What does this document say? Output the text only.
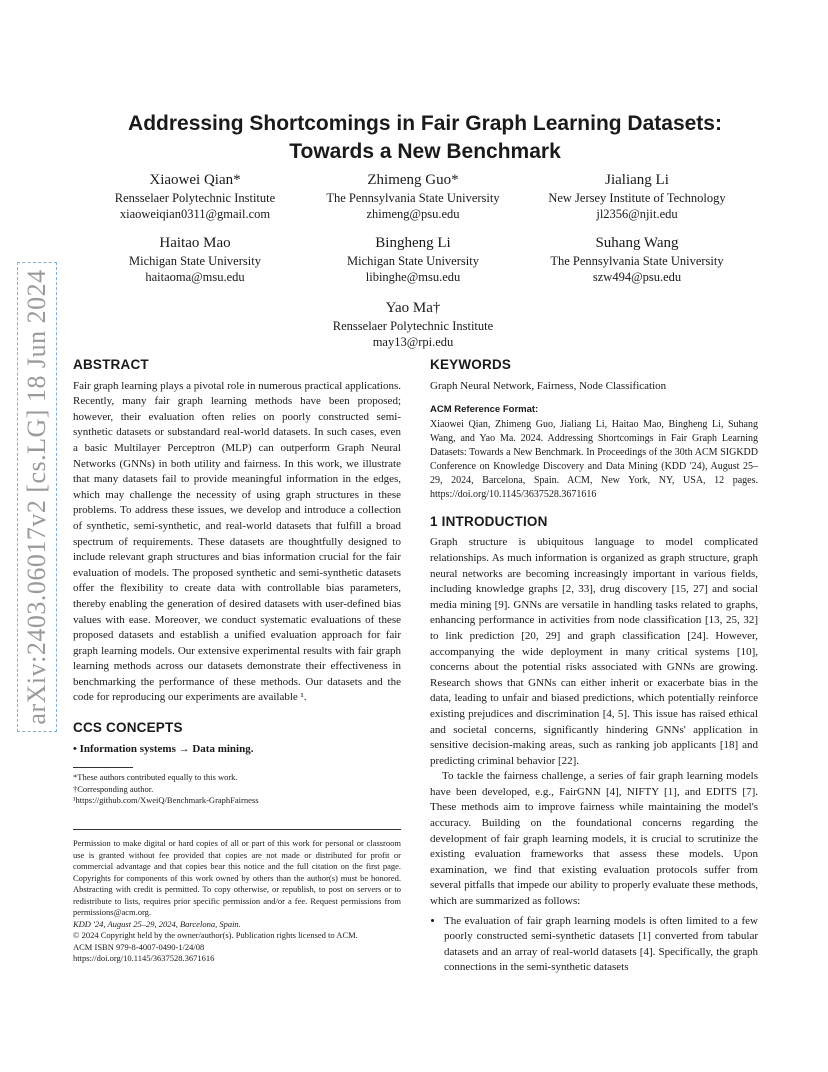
arXiv:2403.06017v2 [cs.LG] 18 Jun 2024
Addressing Shortcomings in Fair Graph Learning Datasets:
Towards a New Benchmark
Xiaowei Qian*
Rensselaer Polytechnic Institute
xiaoweiqian0311@gmail.com
Zhimeng Guo*
The Pennsylvania State University
zhimeng@psu.edu
Jialiang Li
New Jersey Institute of Technology
jl2356@njit.edu
Haitao Mao
Michigan State University
haitaoma@msu.edu
Bingheng Li
Michigan State University
libinghe@msu.edu
Suhang Wang
The Pennsylvania State University
szw494@psu.edu
Yao Ma†
Rensselaer Polytechnic Institute
may13@rpi.edu
ABSTRACT

Fair graph learning plays a pivotal role in numerous practical applications. Recently, many fair graph learning methods have been proposed; however, their evaluation often relies on poorly constructed semi-synthetic datasets or substandard real-world datasets. In such cases, even a basic Multilayer Perceptron (MLP) can outperform Graph Neural Networks (GNNs) in both utility and fairness. In this work, we illustrate that many datasets fail to provide meaningful information in the edges, which may challenge the necessity of using graph structures in these problems. To address these issues, we develop and introduce a collection of synthetic, semi-synthetic, and real-world datasets that fulfill a broad spectrum of requirements. These datasets are thoughtfully designed to include relevant graph structures and bias information crucial for the fair evaluation of models. The proposed synthetic and semi-synthetic datasets offer the flexibility to create data with controllable bias parameters, thereby enabling the generation of desired datasets with user-defined bias values with ease. Moreover, we conduct systematic evaluations of these proposed datasets and establish a unified evaluation approach for fair graph learning models. Our extensive experimental results with fair graph learning methods across our datasets demonstrate their effectiveness in benchmarking the performance of these methods. Our datasets and the code for reproducing our experiments are available ¹.

CCS CONCEPTS

• Information systems → Data mining.

*These authors contributed equally to this work.
†Corresponding author.
¹https://github.com/XweiQ/Benchmark-GraphFairness
Permission to make digital or hard copies of all or part of this work for personal or classroom use is granted without fee provided that copies are not made or distributed for profit or commercial advantage and that copies bear this notice and the full citation on the first page. Copyrights for components of this work owned by others than the author(s) must be honored. Abstracting with credit is permitted. To copy otherwise, or republish, to post on servers or to redistribute to lists, requires prior specific permission and/or a fee. Request permissions from permissions@acm.org.
KDD '24, August 25–29, 2024, Barcelona, Spain.
© 2024 Copyright held by the owner/author(s). Publication rights licensed to ACM.
ACM ISBN 979-8-4007-0490-1/24/08
https://doi.org/10.1145/3637528.3671616
KEYWORDS

Graph Neural Network, Fairness, Node Classification

ACM Reference Format:

Xiaowei Qian, Zhimeng Guo, Jialiang Li, Haitao Mao, Bingheng Li, Suhang Wang, and Yao Ma. 2024. Addressing Shortcomings in Fair Graph Learning Datasets: Towards a New Benchmark. In Proceedings of the 30th ACM SIGKDD Conference on Knowledge Discovery and Data Mining (KDD '24), August 25–29, 2024, Barcelona, Spain. ACM, New York, NY, USA, 12 pages. https://doi.org/10.1145/3637528.3671616

1 INTRODUCTION

Graph structure is ubiquitous language to model complicated relationships. As much information is organized as graph structure, graph neural networks are becoming increasingly important in various fields, including knowledge graphs [2, 33], drug discovery [15, 27] and social media mining [9]. GNNs are versatile in handling tasks related to graphs, enhancing performance in activities from node classification [13, 25, 32] to link prediction [20, 29] and graph classification [24]. However, accompanying the wide deployment in many critical systems [10], concerns about the potential risks associated with GNNs are growing. Research shows that GNNs can either inherit or exacerbate bias in the data, leading to unfair and biased predictions, which potentially reinforce existing prejudices and discrimination [4, 5]. This issue has raised ethical and societal concerns, significantly hindering GNNs' application in sensitive decision-making areas, such as ranking job applicants [18] and predicting criminal behavior [22].

To tackle the fairness challenge, a series of fair graph learning models have been developed, e.g., FairGNN [4], NIFTY [1], and EDITS [7]. These methods aim to improve fairness while maintaining the model's accuracy. Building on the foundational concerns regarding the development of fair graph learning models, it is crucial to scrutinize the existing evaluation frameworks that assess these models. Upon examination, we find that existing evaluation protocols suffer from several pitfalls that impede our ability to properly evaluate these methods, which are summarized as follows:

• The evaluation of fair graph learning models is often limited to a few poorly constructed semi-synthetic datasets [1] converted from tabular datasets and an array of real-world datasets [4]. Specifically, the graph connections in the semi-synthetic datasets
